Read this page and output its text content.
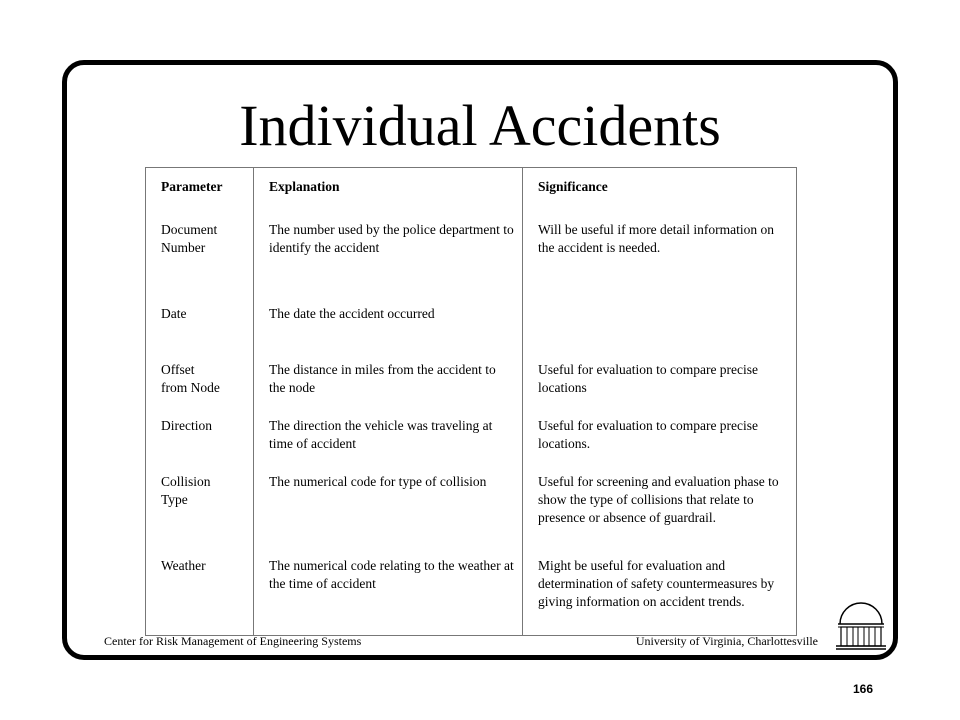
Individual Accidents
Parameter	Explanation	Significance
Document Number	The number used by the police department to identify the accident	Will be useful if more detail information on the accident is needed.
Date	The date the accident occurred	
Offset from Node	The distance in miles from the accident to the node	Useful for evaluation to compare precise locations
Direction	The direction the vehicle was traveling at time of accident	Useful for evaluation to compare precise locations.
Collision Type	The numerical code for type of collision	Useful for screening and evaluation phase to show the type of collisions that relate to presence or absence of guardrail.
Weather	The numerical code relating to the weather at the time of accident	Might be useful for evaluation and determination of safety countermeasures by giving information on accident trends.
Center for Risk Management of Engineering Systems	University of Virginia, Charlottesville
166
